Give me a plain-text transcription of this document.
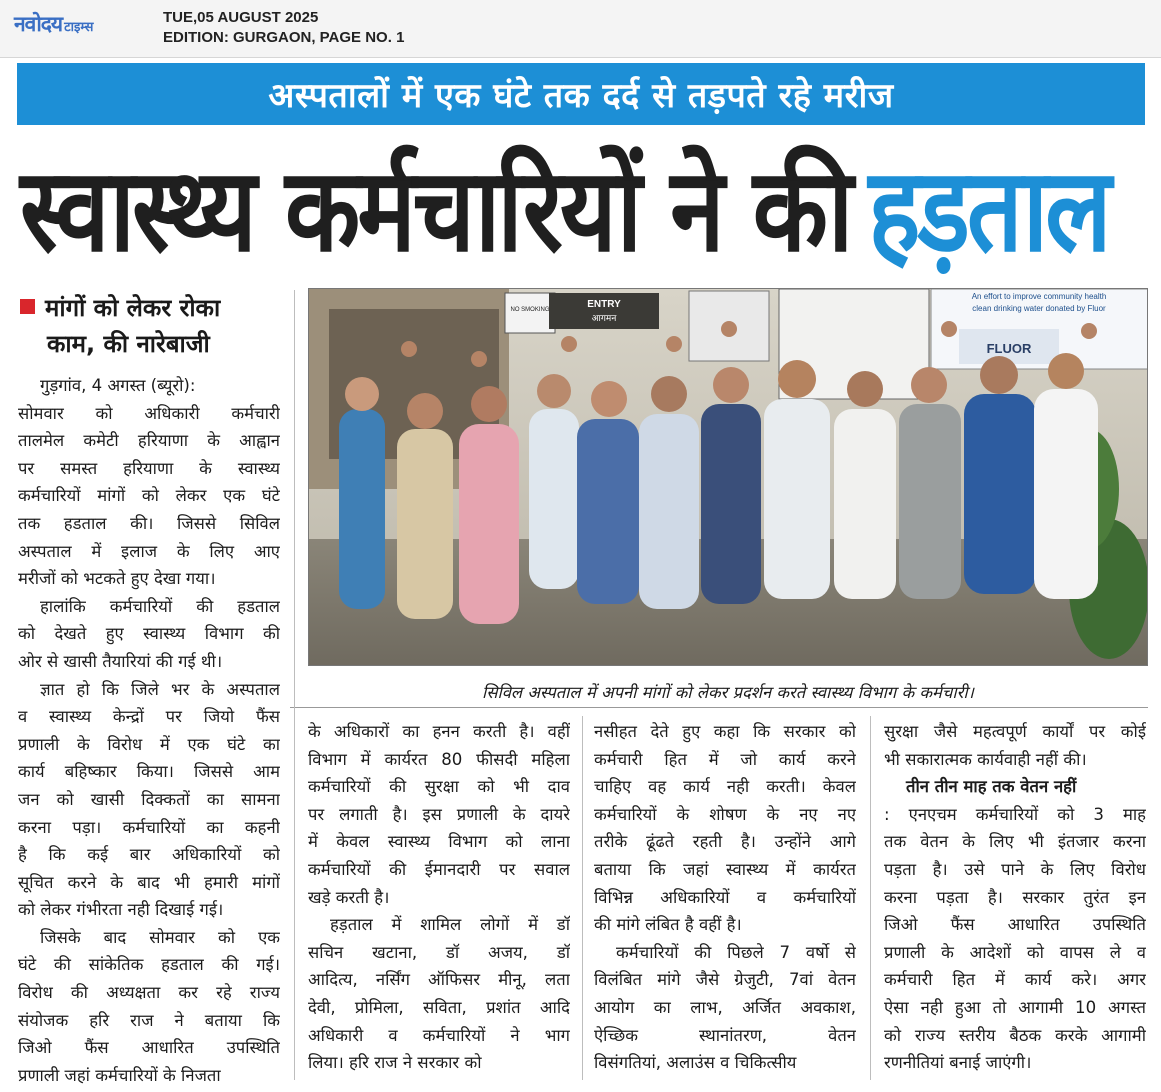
नवोदय टाइम्स
TUE,05 AUGUST 2025
EDITION: GURGAON, PAGE NO. 1
अस्पतालों में एक घंटे तक दर्द से तड़पते रहे मरीज
स्वास्थ्य कर्मचारियों ने की हड़ताल
मांगों को लेकर रोका
काम, की नारेबाजी
ENTRY
आगमन
NO SMOKING
FLUOR
An effort to improve community health
clean drinking water donated by Fluor
सिविल अस्पताल में अपनी मांगों को लेकर प्रदर्शन करते स्वास्थ्य विभाग के कर्मचारी।
गुड़गांव, 4 अगस्त (ब्यूरो):
सोमवार को अधिकारी कर्मचारी
तालमेल कमेटी हरियाणा के आह्वान
पर समस्त हरियाणा के स्वास्थ्य
कर्मचारियों मांगों को लेकर एक घंटे
तक हडताल की। जिससे सिविल
अस्पताल में इलाज के लिए आए
मरीजों को भटकते हुए देखा गया।
हालांकि कर्मचारियों की हडताल
को देखते हुए स्वास्थ्य विभाग की
ओर से खासी तैयारियां की गई थी।
ज्ञात हो कि जिले भर के अस्पताल
व स्वास्थ्य केन्द्रों पर जियो फैंस
प्रणाली के विरोध में एक घंटे का
कार्य बहिष्कार किया। जिससे आम
जन को खासी दिक्कतों का सामना
करना पड़ा। कर्मचारियों का कहनी
है कि कई बार अधिकारियों को
सूचित करने के बाद भी हमारी मांगों
को लेकर गंभीरता नही दिखाई गई।
जिसके बाद सोमवार को एक
घंटे की सांकेतिक हडताल की गई।
विरोध की अध्यक्षता कर रहे राज्य
संयोजक हरि राज ने बताया कि
जिओ फैंस आधारित उपस्थिति
प्रणाली जहां कर्मचारियों के निजता
के अधिकारों का हनन करती है। वहीं
विभाग में कार्यरत 80 फीसदी महिला
कर्मचारियों की सुरक्षा को भी दाव
पर लगाती है। इस प्रणाली के दायरे
में केवल स्वास्थ्य विभाग को लाना
कर्मचारियों की ईमानदारी पर सवाल
खड़े करती है।
हड़ताल में शामिल लोगों में डॉ
सचिन खटाना, डॉ अजय, डॉ
आदित्य, नर्सिंग ऑफिसर मीनू, लता
देवी, प्रोमिला, सविता, प्रशांत आदि
अधिकारी व कर्मचारियों ने भाग
लिया। हरि राज ने सरकार को
नसीहत देते हुए कहा कि सरकार को
कर्मचारी हित में जो कार्य करने
चाहिए वह कार्य नही करती। केवल
कर्मचारियों के शोषण के नए नए
तरीके ढूंढते रहती है। उन्होंने आगे
बताया कि जहां स्वास्थ्य में कार्यरत
विभिन्न अधिकारियों व कर्मचारियों
की मांगे लंबित है वहीं है।
कर्मचारियों की पिछले 7 वर्षो से
विलंबित मांगे जैसे ग्रेजुटी, 7वां वेतन
आयोग का लाभ, अर्जित अवकाश,
ऐच्छिक स्थानांतरण, वेतन
विसंगतियां, अलाउंस व चिकित्सीय
सुरक्षा जैसे महत्वपूर्ण कार्यों पर कोई
भी सकारात्मक कार्यवाही नहीं की।
तीन तीन माह तक वेतन नहीं
: एनएचम कर्मचारियों को 3 माह
तक वेतन के लिए भी इंतजार करना
पड़ता है। उसे पाने के लिए विरोध
करना पड़ता है। सरकार तुरंत इन
जिओ फैंस आधारित उपस्थिति
प्रणाली के आदेशों को वापस ले व
कर्मचारी हित में कार्य करे। अगर
ऐसा नही हुआ तो आगामी 10 अगस्त
को राज्य स्तरीय बैठक करके आगामी
रणनीतियां बनाई जाएंगी।
